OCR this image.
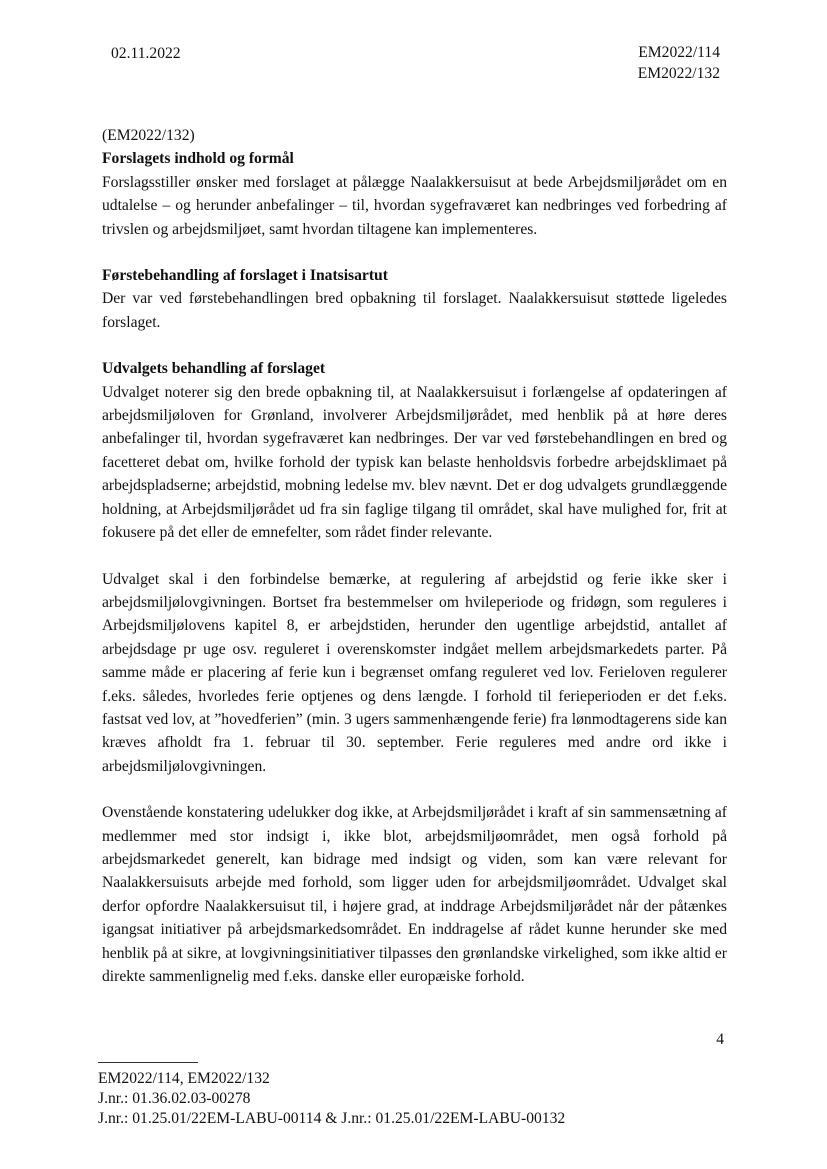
02.11.2022	EM2022/114
EM2022/132

(EM2022/132)

Forslagets indhold og formål

Forslagsstiller ønsker med forslaget at pålægge Naalakkersuisut at bede Arbejdsmiljørådet om en udtalelse – og herunder anbefalinger – til, hvordan sygefraværet kan nedbringes ved forbedring af trivslen og arbejdsmiljøet, samt hvordan tiltagene kan implementeres.

Førstebehandling af forslaget i Inatsisartut

Der var ved førstebehandlingen bred opbakning til forslaget. Naalakkersuisut støttede ligeledes forslaget.

Udvalgets behandling af forslaget

Udvalget noterer sig den brede opbakning til, at Naalakkersuisut i forlængelse af opdateringen af arbejdsmiljøloven for Grønland, involverer Arbejdsmiljørådet, med henblik på at høre deres anbefalinger til, hvordan sygefraværet kan nedbringes. Der var ved førstebehandlingen en bred og facetteret debat om, hvilke forhold der typisk kan belaste henholdsvis forbedre arbejdsklimaet på arbejdspladserne; arbejdstid, mobning ledelse mv. blev nævnt. Det er dog udvalgets grundlæggende holdning, at Arbejdsmiljørådet ud fra sin faglige tilgang til området, skal have mulighed for, frit at fokusere på det eller de emnefelter, som rådet finder relevante.

Udvalget skal i den forbindelse bemærke, at regulering af arbejdstid og ferie ikke sker i arbejdsmiljølovgivningen. Bortset fra bestemmelser om hvileperiode og fridøgn, som reguleres i Arbejdsmiljølovens kapitel 8, er arbejdstiden, herunder den ugentlige arbejdstid, antallet af arbejdsdage pr uge osv. reguleret i overenskomster indgået mellem arbejdsmarkedets parter. På samme måde er placering af ferie kun i begrænset omfang reguleret ved lov. Ferieloven regulerer f.eks. således, hvorledes ferie optjenes og dens længde. I forhold til ferieperioden er det f.eks. fastsat ved lov, at ”hovedferien” (min. 3 ugers sammenhængende ferie) fra lønmodtagerens side kan kræves afholdt fra 1. februar til 30. september. Ferie reguleres med andre ord ikke i arbejdsmiljølovgivningen.

Ovenstående konstatering udelukker dog ikke, at Arbejdsmiljørådet i kraft af sin sammensætning af medlemmer med stor indsigt i, ikke blot, arbejdsmiljøområdet, men også forhold på arbejdsmarkedet generelt, kan bidrage med indsigt og viden, som kan være relevant for Naalakkersuisuts arbejde med forhold, som ligger uden for arbejdsmiljøområdet. Udvalget skal derfor opfordre Naalakkersuisut til, i højere grad, at inddrage Arbejdsmiljørådet når der påtænkes igangsat initiativer på arbejdsmarkedsområdet. En inddragelse af rådet kunne herunder ske med henblik på at sikre, at lovgivningsinitiativer tilpasses den grønlandske virkelighed, som ikke altid er direkte sammenlignelig med f.eks. danske eller europæiske forhold.

4
EM2022/114, EM2022/132
J.nr.: 01.36.02.03-00278
J.nr.: 01.25.01/22EM-LABU-00114 & J.nr.: 01.25.01/22EM-LABU-00132
